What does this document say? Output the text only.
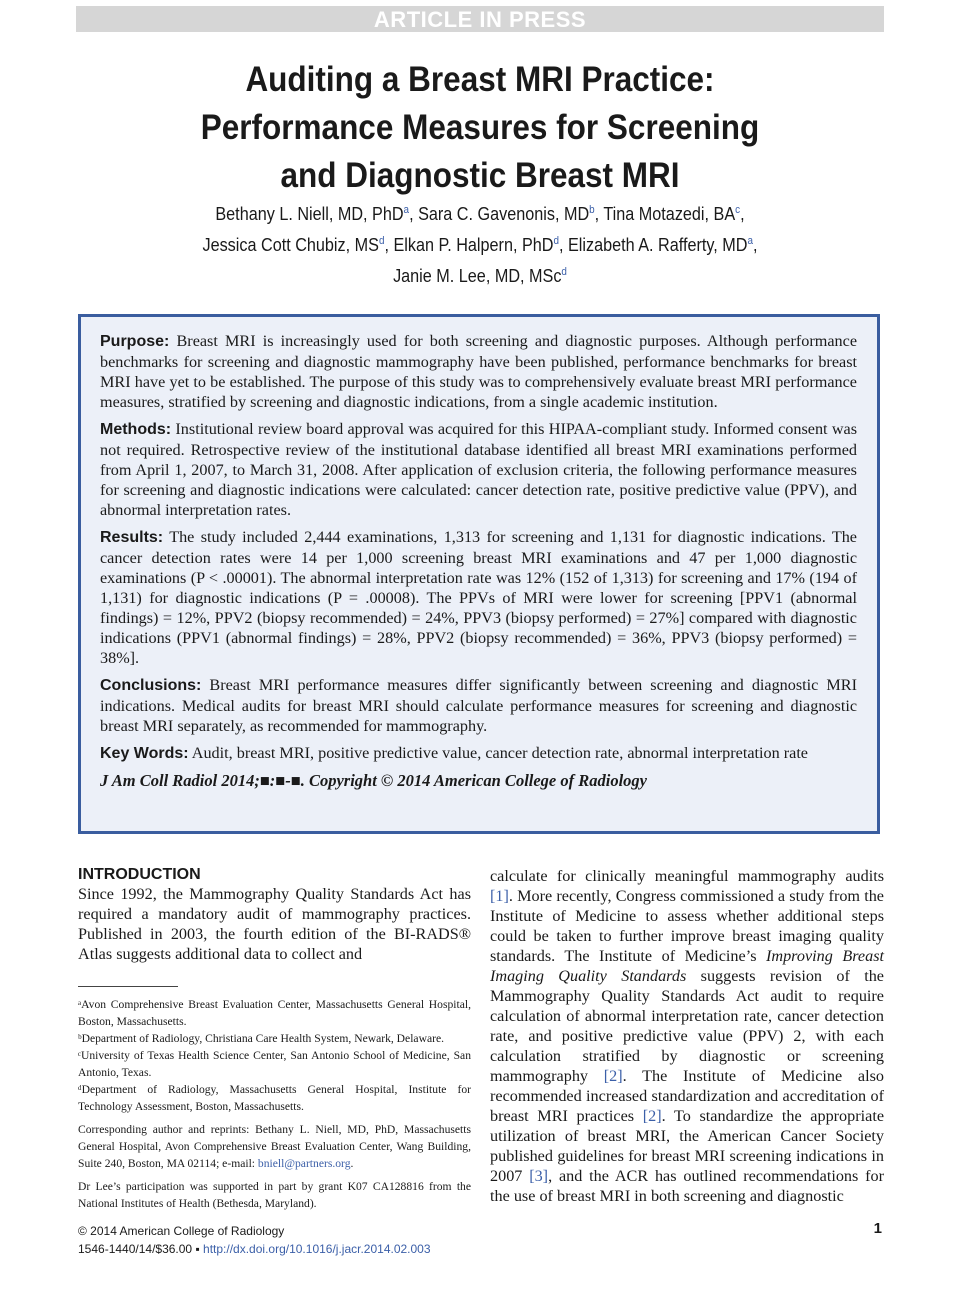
ARTICLE IN PRESS
Auditing a Breast MRI Practice:
Performance Measures for Screening
and Diagnostic Breast MRI
Bethany L. Niell, MD, PhD$^a$, Sara C. Gavenonis, $MD^b$, Tina Motazedi, $BA^c$,
Jessica Cott Chubiz, $MS^d$, Elkan P. Halpern, PhD$^d$, Elizabeth A. Rafferty, $MD^a$,
Janie M. Lee, MD, MSc$^d$

Purpose: Breast MRI is increasingly used for both screening and diagnostic purposes. Although performance benchmarks for screening and diagnostic mammography have been published, performance benchmarks for breast MRI have yet to be established. The purpose of this study was to comprehensively evaluate breast MRI performance measures, stratified by screening and diagnostic indications, from a single academic institution.

Methods: Institutional review board approval was acquired for this HIPAA-compliant study. Informed consent was not required. Retrospective review of the institutional database identified all breast MRI examinations performed from April 1, 2007, to March 31, 2008. After application of exclusion criteria, the following performance measures for screening and diagnostic indications were calculated: cancer detection rate, positive predictive value (PPV), and abnormal interpretation rates.

Results: The study included 2,444 examinations, 1,313 for screening and 1,131 for diagnostic indications. The cancer detection rates were 14 per 1,000 screening breast MRI examinations and 47 per 1,000 diagnostic examinations (P < .00001). The abnormal interpretation rate was 12% (152 of 1,313) for screening and 17% (194 of 1,131) for diagnostic indications (P = .00008). The PPVs of MRI were lower for screening [PPV1 (abnormal findings) = 12%, PPV2 (biopsy recommended) = 24%, PPV3 (biopsy performed) = 27%] compared with diagnostic indications (PPV1 (abnormal findings) = 28%, PPV2 (biopsy recommended) = 36%, PPV3 (biopsy performed) = 38%].

Conclusions: Breast MRI performance measures differ significantly between screening and diagnostic MRI indications. Medical audits for breast MRI should calculate performance measures for screening and diagnostic breast MRI separately, as recommended for mammography.

Key Words: Audit, breast MRI, positive predictive value, cancer detection rate, abnormal interpretation rate

J Am Coll Radiol 2014;■:■-■. Copyright © 2014 American College of Radiology

INTRODUCTION

Since 1992, the Mammography Quality Standards Act has required a mandatory audit of mammography practices. Published in 2003, the fourth edition of the BI-RADS® Atlas suggests additional data to collect and

ᵃAvon Comprehensive Breast Evaluation Center, Massachusetts General Hospital, Boston, Massachusetts.

ᵇDepartment of Radiology, Christiana Care Health System, Newark, Delaware.

ᶜUniversity of Texas Health Science Center, San Antonio School of Medicine, San Antonio, Texas.

ᵈDepartment of Radiology, Massachusetts General Hospital, Institute for Technology Assessment, Boston, Massachusetts.

Corresponding author and reprints: Bethany L. Niell, MD, PhD, Massachusetts General Hospital, Avon Comprehensive Breast Evaluation Center, Wang Building, Suite 240, Boston, MA 02114; e-mail: bniell@partners.org.

Dr Lee’s participation was supported in part by grant K07 CA128816 from the National Institutes of Health (Bethesda, Maryland).

calculate for clinically meaningful mammography audits [1]. More recently, Congress commissioned a study from the Institute of Medicine to assess whether additional steps could be taken to further improve breast imaging quality standards. The Institute of Medicine’s Improving Breast Imaging Quality Standards suggests revision of the Mammography Quality Standards Act audit to require calculation of abnormal interpretation rate, cancer detection rate, and positive predictive value (PPV) 2, with each calculation stratified by diagnostic or screening mammography [2]. The Institute of Medicine also recommended increased standardization and accreditation of breast MRI practices [2]. To standardize the appropriate utilization of breast MRI, the American Cancer Society published guidelines for breast MRI screening indications in 2007 [3], and the ACR has outlined recommendations for the use of breast MRI in both screening and diagnostic

© 2014 American College of Radiology
1546-1440/14/$36.00 ▪ http://dx.doi.org/10.1016/j.jacr.2014.02.003
1
